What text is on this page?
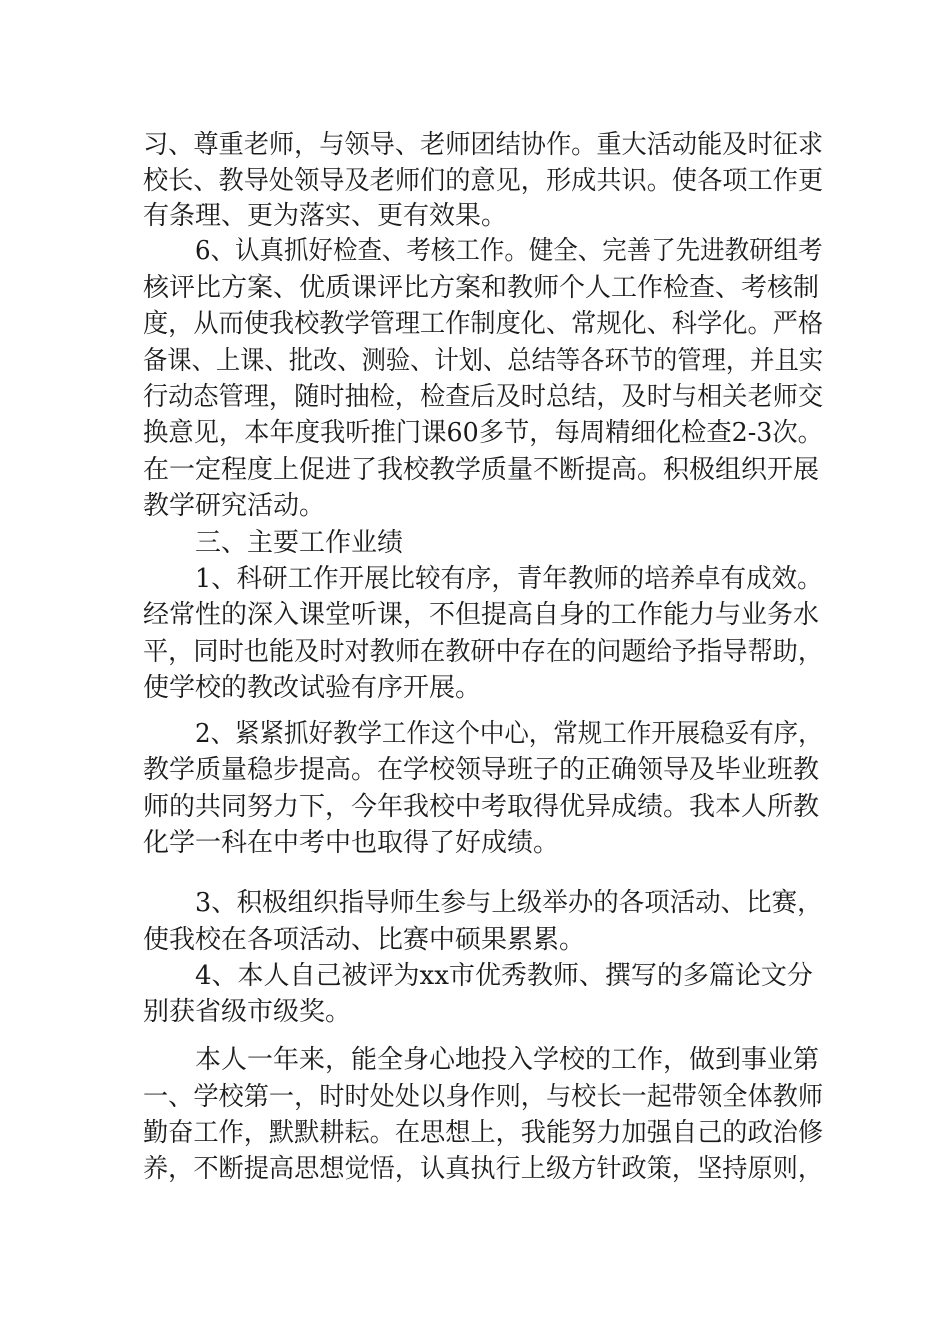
习、尊重老师，与领导、老师团结协作。重大活动能及时征求
校长、教导处领导及老师们的意见，形成共识。使各项工作更
有条理、更为落实、更有效果。
6、认真抓好检查、考核工作。健全、完善了先进教研组考
核评比方案、优质课评比方案和教师个人工作检查、考核制
度，从而使我校教学管理工作制度化、常规化、科学化。严格
备课、上课、批改、测验、计划、总结等各环节的管理，并且实
行动态管理，随时抽检，检查后及时总结，及时与相关老师交
换意见，本年度我听推门课60多节，每周精细化检查2-3次。
在一定程度上促进了我校教学质量不断提高。积极组织开展
教学研究活动。
三、主要工作业绩
1、科研工作开展比较有序，青年教师的培养卓有成效。
经常性的深入课堂听课，不但提高自身的工作能力与业务水
平，同时也能及时对教师在教研中存在的问题给予指导帮助，
使学校的教改试验有序开展。
2、紧紧抓好教学工作这个中心，常规工作开展稳妥有序，
教学质量稳步提高。在学校领导班子的正确领导及毕业班教
师的共同努力下，今年我校中考取得优异成绩。我本人所教
化学一科在中考中也取得了好成绩。
3、积极组织指导师生参与上级举办的各项活动、比赛，
使我校在各项活动、比赛中硕果累累。
4、本人自己被评为xx市优秀教师、撰写的多篇论文分
别获省级市级奖。
本人一年来，能全身心地投入学校的工作，做到事业第
一、学校第一，时时处处以身作则，与校长一起带领全体教师
勤奋工作，默默耕耘。在思想上，我能努力加强自己的政治修
养，不断提高思想觉悟，认真执行上级方针政策，坚持原则，
